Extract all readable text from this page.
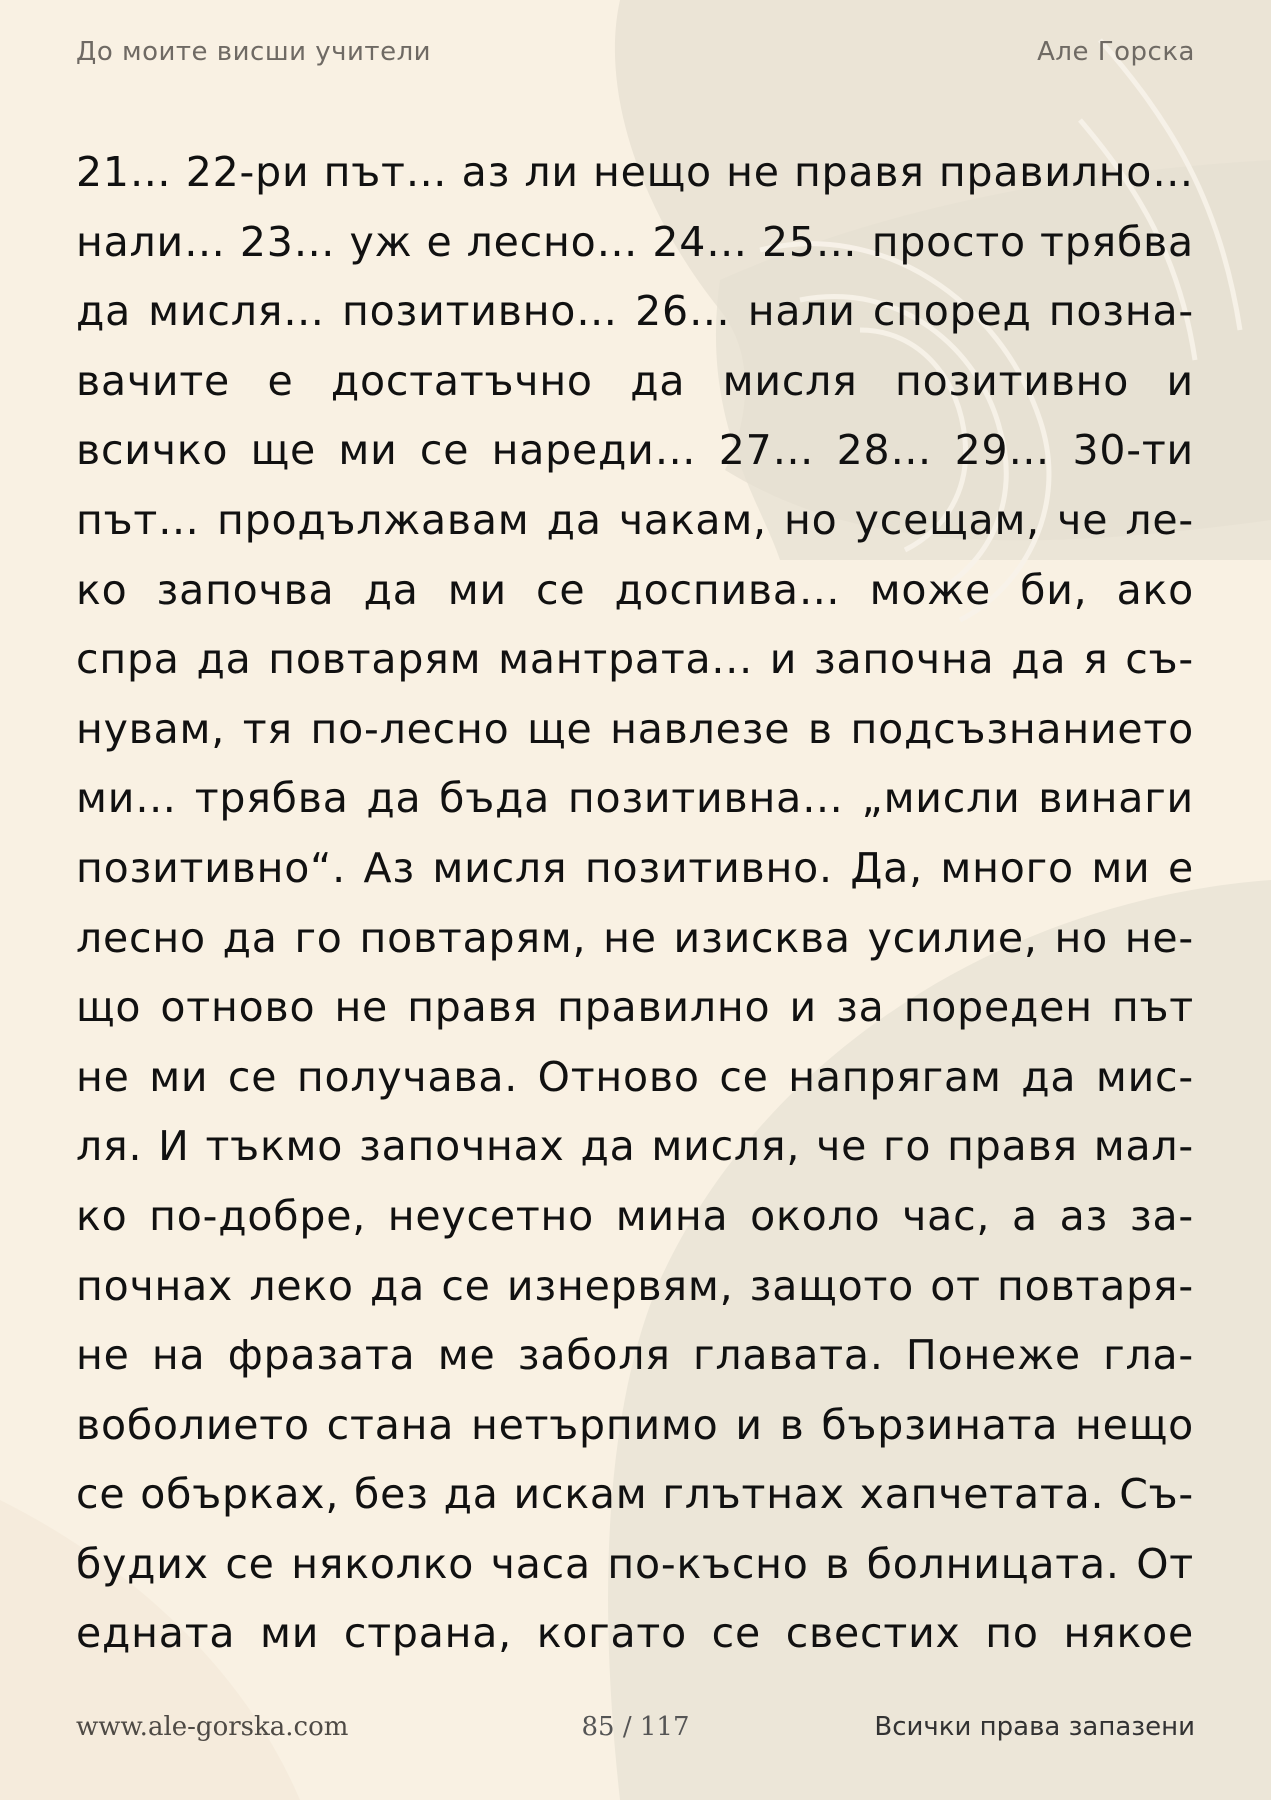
До моите висши учители	Але Горска
21… 22-ри път… аз ли нещо не правя правилно…
нали… 23… уж е лесно… 24… 25… просто трябва
да мисля… позитивно… 26… нали според позна-
вачите е достатъчно да мисля позитивно и
всичко ще ми се нареди… 27… 28… 29… 30-ти
път… продължавам да чакам, но усещам, че ле-
ко започва да ми се доспива… може би, ако
спра да повтарям мантрата... и започна да я съ-
нувам, тя по-лесно ще навлезе в подсъзнанието
ми… трябва да бъда позитивна… „мисли винаги
позитивно“. Аз мисля позитивно. Да, много ми е
лесно да го повтарям, не изисква усилие, но не-
що отново не правя правилно и за пореден път
не ми се получава. Отново се напрягам да мис-
ля. И тъкмо започнах да мисля, че го правя мал-
ко по-добре, неусетно мина около час, а аз за-
почнах леко да се изнервям, защото от повтаря-
не на фразата ме заболя главата. Понеже гла-
воболието стана нетърпимо и в бързината нещо
се обърках, без да искам глътнах хапчетата. Съ-
будих се няколко часа по-късно в болницата. От
едната ми страна, когато се свестих по някое
www.ale-gorska.com	85 / 117	Всички права запазени
